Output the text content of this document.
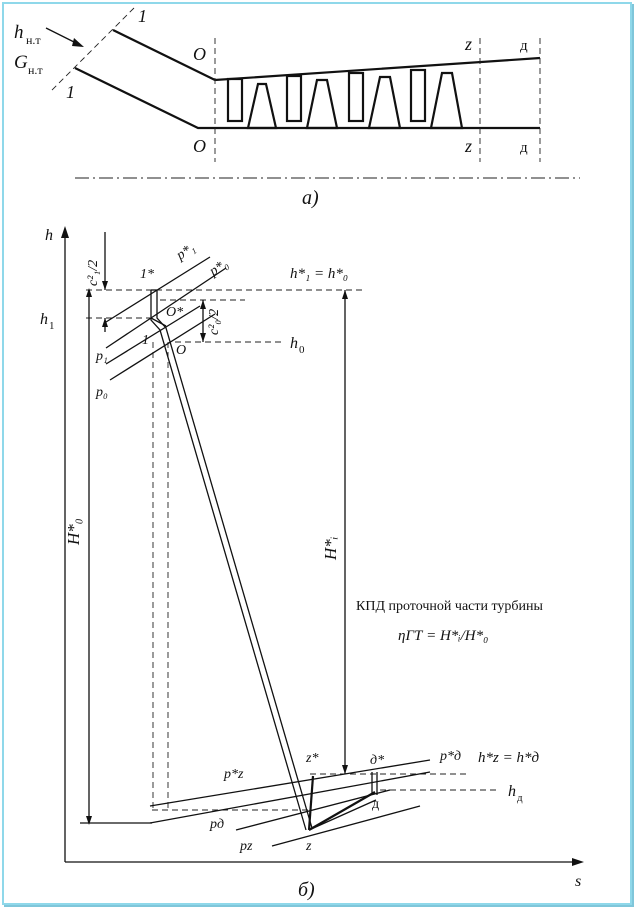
h н.т
G н.т
1
1
O
O
z
z
д
д
а)
h
s
б)
h 1
h 0
h д
h*₁ = h*₀
h*z = h*д
c²₁/2
c²₀/2
H*₀
H*ᵢ
p*₁
p*₀
p₁
p₀
p*z
p*д
pд
pz
1*
O*
1
O
z*	д*
д
z
КПД проточной части турбины
ηГТ = H*ᵢ/H*₀
